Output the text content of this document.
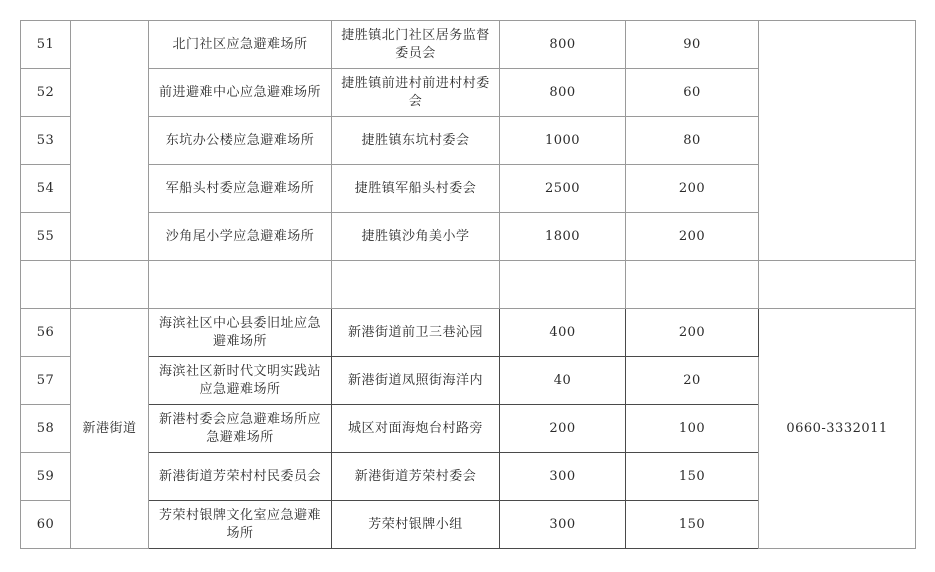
51		北门社区应急避难场所	捷胜镇北门社区居务监督委员会	800	90	
52		前进避难中心应急避难场所	捷胜镇前进村前进村村委会	800	60	
53		东坑办公楼应急避难场所	捷胜镇东坑村委会	1000	80	
54		军船头村委应急避难场所	捷胜镇军船头村委会	2500	200	
55		沙角尾小学应急避难场所	捷胜镇沙角美小学	1800	200	

56	新港街道	海滨社区中心县委旧址应急避难场所	新港街道前卫三巷沁园	400	200	0660-3332011
57		海滨社区新时代文明实践站应急避难场所	新港街道凤照街海洋内	40	20	
58		新港村委会应急避难场所应急避难场所	城区对面海炮台村路旁	200	100	
59		新港街道芳荣村村民委员会	新港街道芳荣村委会	300	150	
60		芳荣村银牌文化室应急避难场所	芳荣村银牌小组	300	150	
